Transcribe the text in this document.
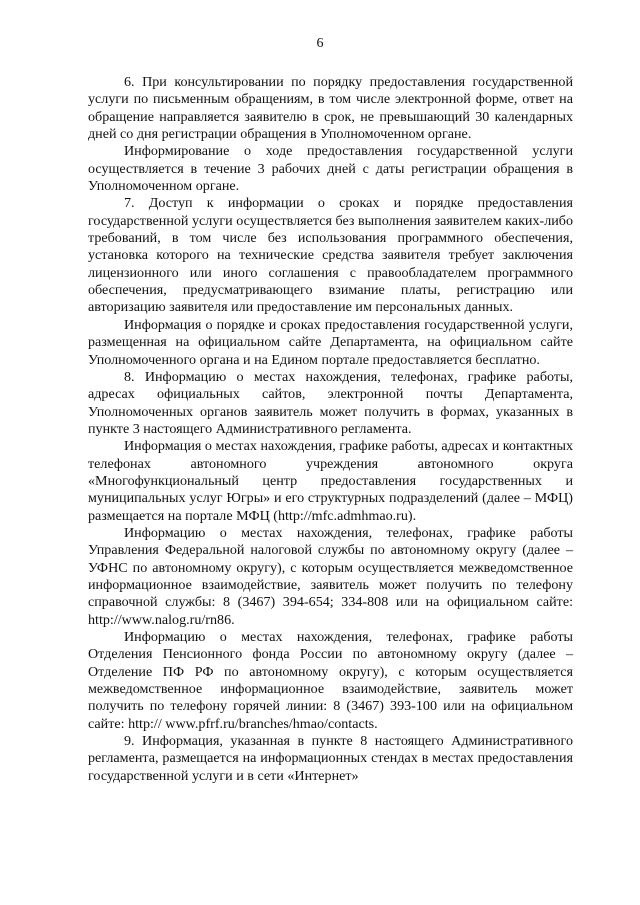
6

6. При консультировании по порядку предоставления государственной услуги по письменным обращениям, в том числе электронной форме, ответ на обращение направляется заявителю в срок, не превышающий 30 календарных дней со дня регистрации обращения в Уполномоченном органе.

Информирование о ходе предоставления государственной услуги осуществляется в течение 3 рабочих дней с даты регистрации обращения в Уполномоченном органе.

7. Доступ к информации о сроках и порядке предоставления государственной услуги осуществляется без выполнения заявителем каких-либо требований, в том числе без использования программного обеспечения, установка которого на технические средства заявителя требует заключения лицензионного или иного соглашения с правообладателем программного обеспечения, предусматривающего взимание платы, регистрацию или авторизацию заявителя или предоставление им персональных данных.

Информация о порядке и сроках предоставления государственной услуги, размещенная на официальном сайте Департамента, на официальном сайте Уполномоченного органа и на Едином портале предоставляется бесплатно.

8. Информацию о местах нахождения, телефонах, графике работы, адресах официальных сайтов, электронной почты Департамента, Уполномоченных органов заявитель может получить в формах, указанных в пункте 3 настоящего Административного регламента.

Информация о местах нахождения, графике работы, адресах и контактных телефонах автономного учреждения автономного округа «Многофункциональный центр предоставления государственных и муниципальных услуг Югры» и его структурных подразделений (далее – МФЦ) размещается на портале МФЦ (http://mfc.admhmao.ru).

Информацию о местах нахождения, телефонах, графике работы Управления Федеральной налоговой службы по автономному округу (далее – УФНС по автономному округу), с которым осуществляется межведомственное информационное взаимодействие, заявитель может получить по телефону справочной службы: 8 (3467) 394-654; 334-808 или на официальном сайте: http://www.nalog.ru/rn86.

Информацию о местах нахождения, телефонах, графике работы Отделения Пенсионного фонда России по автономному округу (далее – Отделение ПФ РФ по автономному округу), с которым осуществляется межведомственное информационное взаимодействие, заявитель может получить по телефону горячей линии: 8 (3467) 393-100 или на официальном сайте: http:// www.pfrf.ru/branches/hmao/contacts.

9. Информация, указанная в пункте 8 настоящего Административного регламента, размещается на информационных стендах в местах предоставления государственной услуги и в сети «Интернет»
